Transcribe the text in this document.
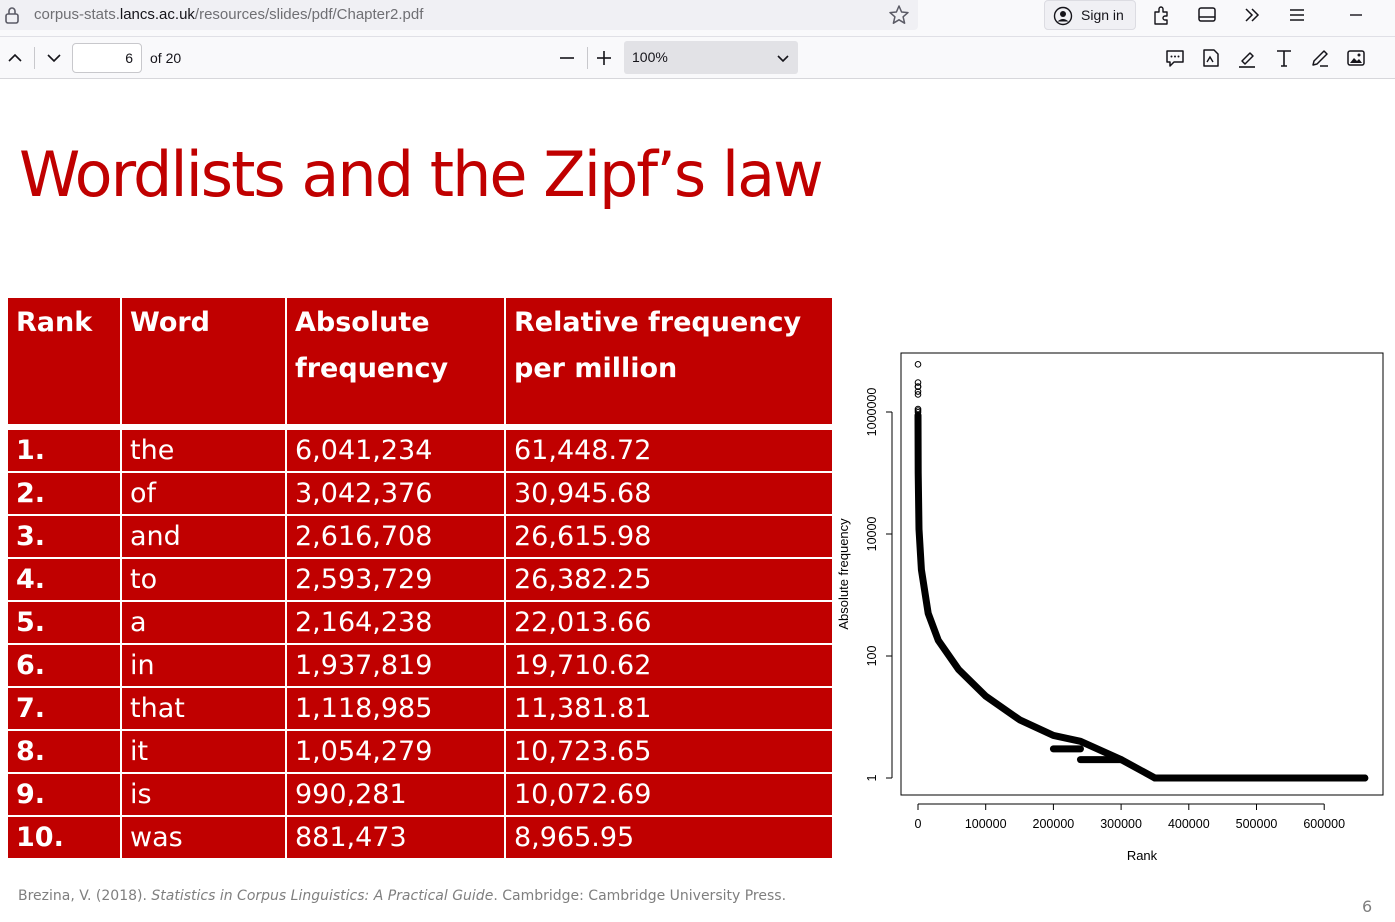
corpus-stats.lancs.ac.uk/resources/slides/pdf/Chapter2.pdf	Sign in
6
of 20	100%
Wordlists and the Zipf’s law
Rank	Word	Absolute frequency	Relative frequency per million
1.	the	6,041,234	61,448.72
2.	of	3,042,376	30,945.68
3.	and	2,616,708	26,615.98
4.	to	2,593,729	26,382.25
5.	a	2,164,238	22,013.66
6.	in	1,937,819	19,710.62
7.	that	1,118,985	11,381.81
8.	it	1,054,279	10,723.65
9.	is	990,281	10,072.69
10.	was	881,473	8,965.95	0	100000 200000 300000 400000 500000 600000
Rank
1
100
10000
1000000
Absolute frequency
Brezina, V. (2018). Statistics in Corpus Linguistics: A Practical Guide. Cambridge: Cambridge University Press.
6
